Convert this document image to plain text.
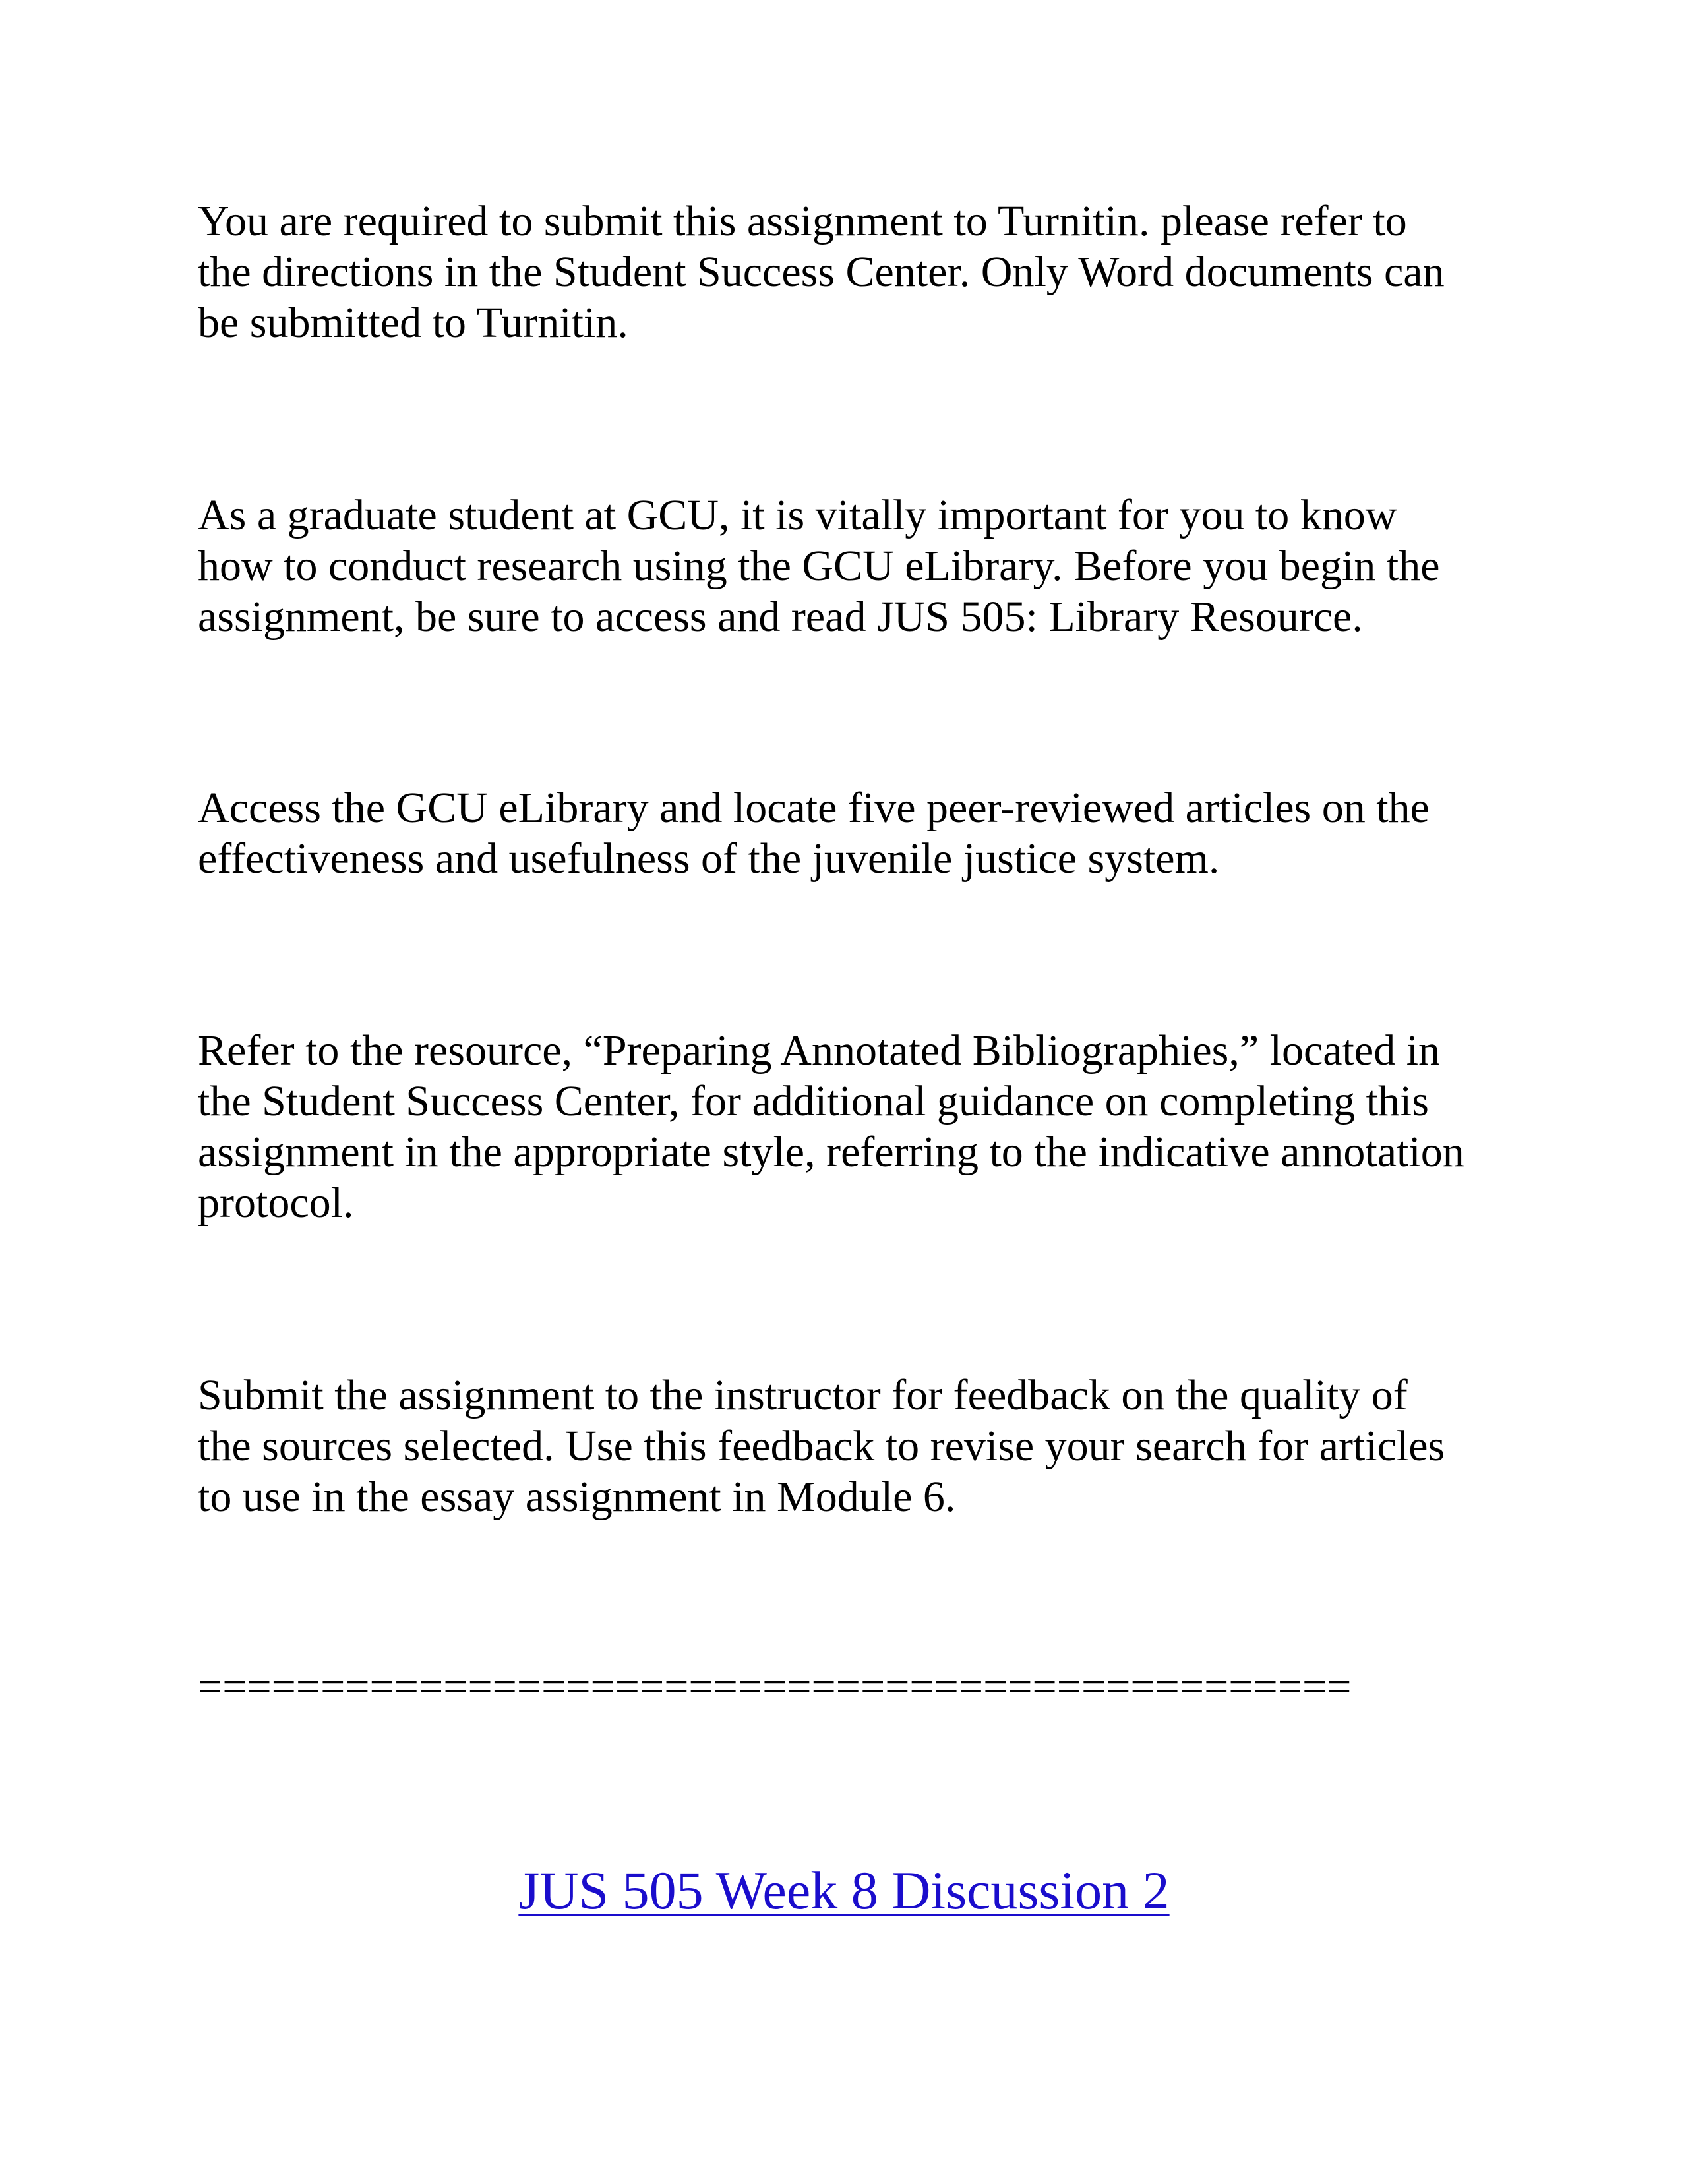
You are required to submit this assignment to Turnitin. please refer to
the directions in the Student Success Center. Only Word documents can
be submitted to Turnitin.

As a graduate student at GCU, it is vitally important for you to know
how to conduct research using the GCU eLibrary. Before you begin the
assignment, be sure to access and read JUS 505: Library Resource.

Access the GCU eLibrary and locate five peer-reviewed articles on the
effectiveness and usefulness of the juvenile justice system.

Refer to the resource, “Preparing Annotated Bibliographies,” located in
the Student Success Center, for additional guidance on completing this
assignment in the appropriate style, referring to the indicative annotation
protocol.

Submit the assignment to the instructor for feedback on the quality of
the sources selected. Use this feedback to revise your search for articles
to use in the essay assignment in Module 6.

===============================================

JUS 505 Week 8 Discussion 2
